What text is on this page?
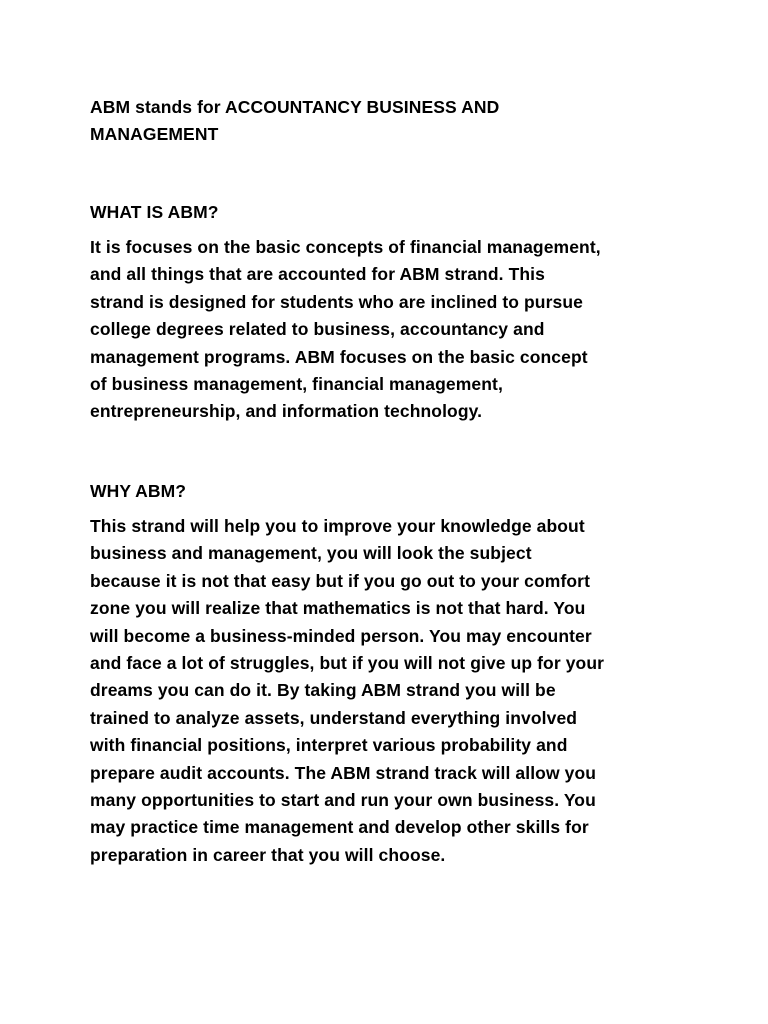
ABM stands for ACCOUNTANCY BUSINESS AND
MANAGEMENT
WHAT IS ABM?

It is focuses on the basic concepts of financial management,
and all things that are accounted for ABM strand. This
strand is designed for students who are inclined to pursue
college degrees related to business, accountancy and
management programs. ABM focuses on the basic concept
of business management, financial management,
entrepreneurship, and information technology.

WHY ABM?

This strand will help you to improve your knowledge about
business and management, you will look the subject
because it is not that easy but if you go out to your comfort
zone you will realize that mathematics is not that hard. You
will become a business-minded person. You may encounter
and face a lot of struggles, but if you will not give up for your
dreams you can do it. By taking ABM strand you will be
trained to analyze assets, understand everything involved
with financial positions, interpret various probability and
prepare audit accounts. The ABM strand track will allow you
many opportunities to start and run your own business. You
may practice time management and develop other skills for
preparation in career that you will choose.
